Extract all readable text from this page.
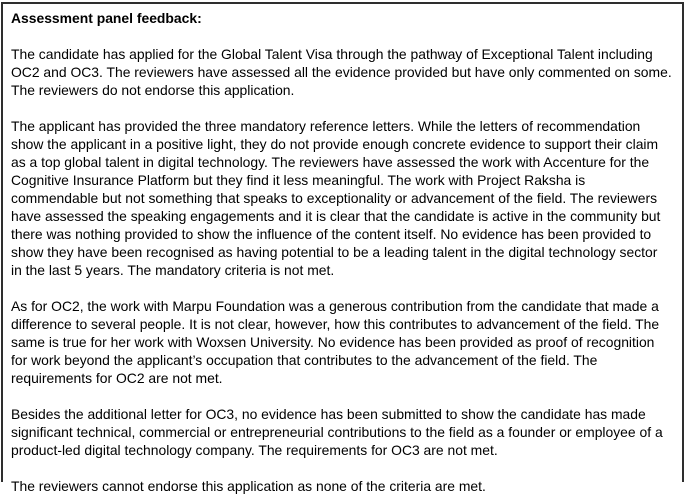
Assessment panel feedback:

The candidate has applied for the Global Talent Visa through the pathway of Exceptional Talent including OC2 and OC3. The reviewers have assessed all the evidence provided but have only commented on some. The reviewers do not endorse this application.

The applicant has provided the three mandatory reference letters. While the letters of recommendation show the applicant in a positive light, they do not provide enough concrete evidence to support their claim as a top global talent in digital technology. The reviewers have assessed the work with Accenture for the Cognitive Insurance Platform but they find it less meaningful. The work with Project Raksha is commendable but not something that speaks to exceptionality or advancement of the field. The reviewers have assessed the speaking engagements and it is clear that the candidate is active in the community but there was nothing provided to show the influence of the content itself. No evidence has been provided to show they have been recognised as having potential to be a leading talent in the digital technology sector in the last 5 years. The mandatory criteria is not met.

As for OC2, the work with Marpu Foundation was a generous contribution from the candidate that made a difference to several people. It is not clear, however, how this contributes to advancement of the field. The same is true for her work with Woxsen University. No evidence has been provided as proof of recognition for work beyond the applicant’s occupation that contributes to the advancement of the field. The requirements for OC2 are not met.

Besides the additional letter for OC3, no evidence has been submitted to show the candidate has made significant technical, commercial or entrepreneurial contributions to the field as a founder or employee of a product-led digital technology company. The requirements for OC3 are not met.

The reviewers cannot endorse this application as none of the criteria are met.
